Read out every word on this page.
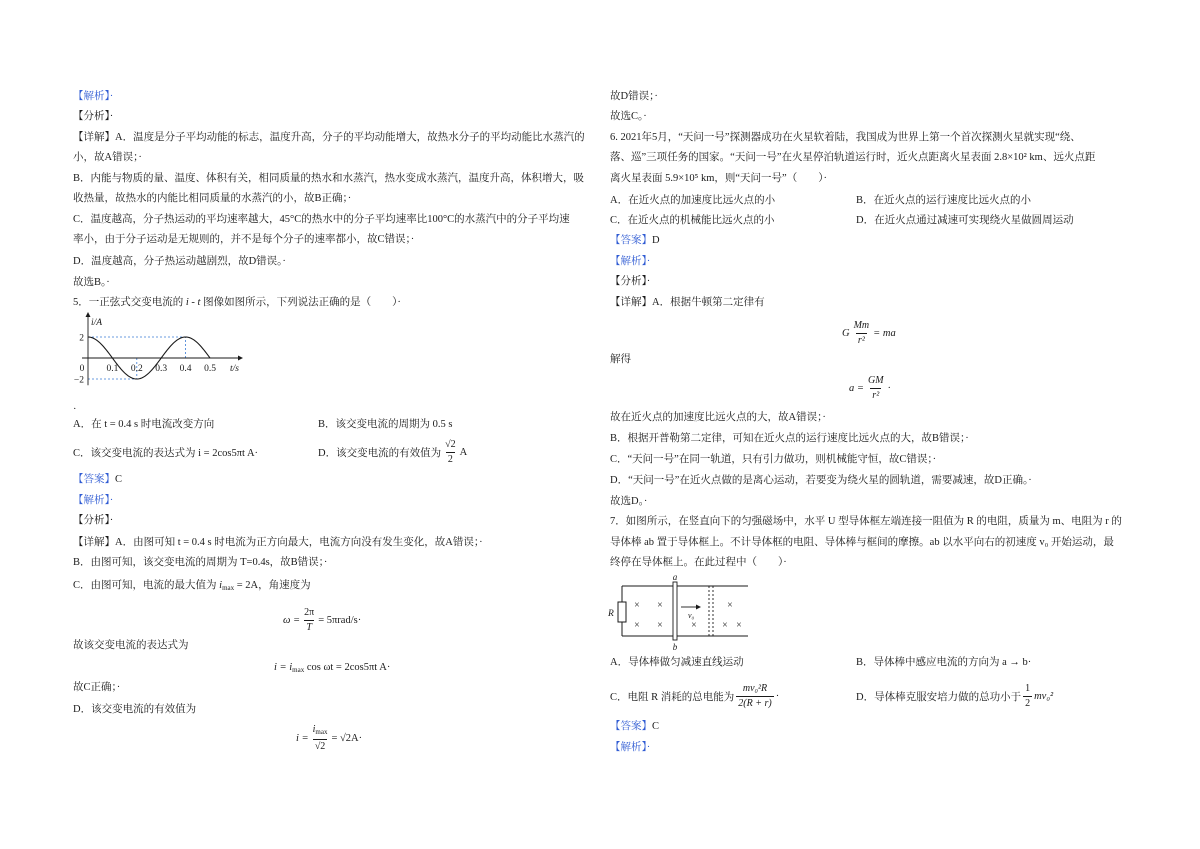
【解析】·
【分析】·
【详解】A．温度是分子平均动能的标志，温度升高，分子的平均动能增大，故热水分子的平均动能比水蒸汽的
小，故A错误；·
B．内能与物质的量、温度、体积有关，相同质量的热水和水蒸汽，热水变成水蒸汽，温度升高，体积增大，吸
收热量，故热水的内能比相同质量的水蒸汽的小，故B正确；·
C．温度越高，分子热运动的平均速率越大，45°C的热水中的分子平均速率比100°C的水蒸汽中的分子平均速
率小，由于分子运动是无规则的，并不是每个分子的速率都小，故C错误；·
D．温度越高，分子热运动越剧烈，故D错误。·
故选B。·
5．一正弦式交变电流的 i - t 图像如图所示，下列说法正确的是（　　）·
i/A
t/s
0
2
−2
0.1 0.2 0.3 0.4 0.5
·
A．在 t = 0.4 s 时电流改变方向	B．该交变电流的周期为 0.5 s
C．该交变电流的表达式为 i = 2cos5πt A·	D．该交变电流的有效值为 $\frac{√2}{2}$ A
【答案】C
【解析】·
【分析】·
【详解】A．由图可知 t = 0.4 s 时电流为正方向最大，电流方向没有发生变化，故A错误；·
B．由图可知，该交变电流的周期为 T=0.4s，故B错误；·
C．由图可知，电流的最大值为 $i_{max} = 2A$，角速度为
$\omega = \frac{2\pi}{T} = 5\pi rad/s\cdot$
故该交变电流的表达式为
$i = i_{max}$ cos ωt = 2cos5πt A·
故C正确；·
D．该交变电流的有效值为
$i = \frac{i_{max}}{√2} = √2A\cdot$
故D错误；·
故选C。·
6. 2021年5月，“天问一号”探测器成功在火星软着陆，我国成为世界上第一个首次探测火星就实现“绕、
落、巡”三项任务的国家。“天问一号”在火星停泊轨道运行时，近火点距离火星表面 2.8×10² km、远火点距
离火星表面 5.9×10⁵ km，则“天问一号”（　　）·
A．在近火点的加速度比远火点的小	B．在近火点的运行速度比远火点的小
C．在近火点的机械能比远火点的小	D．在近火点通过减速可实现绕火星做圆周运动
【答案】D
【解析】·
【分析】·
【详解】A．根据牛顿第二定律有
G $\frac{Mm}{\text{r²}}$ = ma
解得
$a = \frac{GM}{\text{r²}}$ ·
故在近火点的加速度比远火点的大，故A错误；·
B．根据开普勒第二定律，可知在近火点的运行速度比远火点的大，故B错误；·
C．“天问一号”在同一轨道，只有引力做功，则机械能守恒，故C错误；·
D．“天问一号”在近火点做的是离心运动，若要变为绕火星的圆轨道，需要减速，故D正确。·
故选D。·
7．如图所示，在竖直向下的匀强磁场中，水平 U 型导体框左端连接一阻值为 R 的电阻，质量为 m、电阻为 r 的
导体棒 ab 置于导体框上。不计导体框的电阻、导体棒与框间的摩擦。ab 以水平向右的初速度 v₀ 开始运动，最
终停在导体框上。在此过程中（　　）·
R
a
b
v₀
× ×	×
× ×	×	× ×
A．导体棒做匀减速直线运动	B．导体棒中感应电流的方向为 a → b·
C．电阻 R 消耗的总电能为 $\frac{\text{mv₀²R}}{2(R + r)}$ ·	D．导体棒克服安培力做的总功小于 $\frac{1}{2} mv_0^2$
【答案】C
【解析】·
